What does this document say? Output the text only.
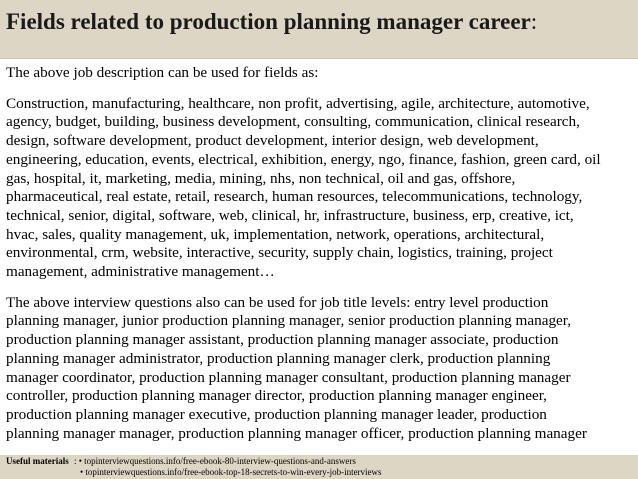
Fields related to production planning manager career:

The above job description can be used for fields as:

Construction, manufacturing, healthcare, non profit, advertising, agile, architecture, automotive,

agency, budget, building, business development, consulting, communication, clinical research,

design, software development, product development, interior design, web development,

engineering, education, events, electrical, exhibition, energy, ngo, finance, fashion, green card, oil

gas, hospital, it, marketing, media, mining, nhs, non technical, oil and gas, offshore,

pharmaceutical, real estate, retail, research, human resources, telecommunications, technology,

technical, senior, digital, software, web, clinical, hr, infrastructure, business, erp, creative, ict,

hvac, sales, quality management, uk, implementation, network, operations, architectural,

environmental, crm, website, interactive, security, supply chain, logistics, training, project

management, administrative management…

The above interview questions also can be used for job title levels: entry level production

planning manager, junior production planning manager, senior production planning manager,

production planning manager assistant, production planning manager associate, production

planning manager administrator, production planning manager clerk, production planning

manager coordinator, production planning manager consultant, production planning manager

controller, production planning manager director, production planning manager engineer,

production planning manager executive, production planning manager leader, production

planning manager manager, production planning manager officer, production planning manager

Useful materials : • topinterviewquestions.info/free-ebook-80-interview-questions-and-answers
• topinterviewquestions.info/free-ebook-top-18-secrets-to-win-every-job-interviews
